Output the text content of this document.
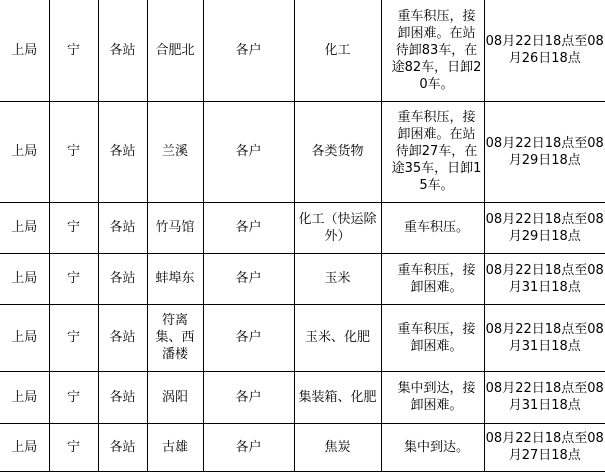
上局	宁	各站	合肥北	各户	化工	重车积压，接卸困难。在站待卸83车，在途82车，日卸20车。	08月22日18点至08月26日18点
上局	宁	各站	兰溪	各户	各类货物	重车积压，接卸困难。在站待卸27车，在途35车，日卸15车。	08月22日18点至08月29日18点
上局	宁	各站	竹马馆	各户	化工（快运除外）	重车积压。	08月22日18点至08月29日18点
上局	宁	各站	蚌埠东	各户	玉米	重车积压，接卸困难。	08月22日18点至08月31日18点
上局	宁	各站	符离集、西潘楼	各户	玉米、化肥	重车积压，接卸困难。	08月22日18点至08月31日18点
上局	宁	各站	涡阳	各户	集装箱、化肥	集中到达，接卸困难。	08月22日18点至08月31日18点
上局	宁	各站	古雄	各户	焦炭	集中到达。	08月22日18点至08月27日18点
